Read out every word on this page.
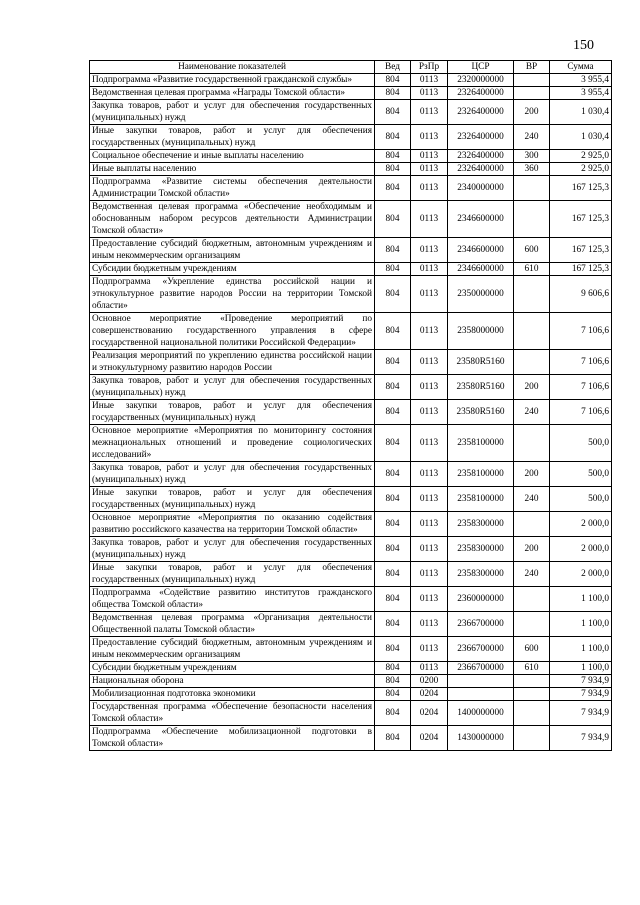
150
Наименование показателей	Вед	РзПр	ЦСР	ВР	Сумма
Подпрограмма «Развитие государственной гражданской службы»	804	0113	2320000000		3 955,4
Ведомственная целевая программа «Награды Томской области»	804	0113	2326400000		3 955,4
Закупка товаров, работ и услуг для обеспечения государственных (муниципальных) нужд	804	0113	2326400000	200	1 030,4
Иные закупки товаров, работ и услуг для обеспечения государственных (муниципальных) нужд	804	0113	2326400000	240	1 030,4
Социальное обеспечение и иные выплаты населению	804	0113	2326400000	300	2 925,0
Иные выплаты населению	804	0113	2326400000	360	2 925,0
Подпрограмма «Развитие системы обеспечения деятельности Администрации Томской области»	804	0113	2340000000		167 125,3
Ведомственная целевая программа «Обеспечение необходимым и обоснованным набором ресурсов деятельности Администрации Томской области»	804	0113	2346600000		167 125,3
Предоставление субсидий бюджетным, автономным учреждениям и иным некоммерческим организациям	804	0113	2346600000	600	167 125,3
Субсидии бюджетным учреждениям	804	0113	2346600000	610	167 125,3
Подпрограмма «Укрепление единства российской нации и этнокультурное развитие народов России на территории Томской области»	804	0113	2350000000		9 606,6
Основное мероприятие «Проведение мероприятий по совершенствованию государственного управления в сфере государственной национальной политики Российской Федерации»	804	0113	2358000000		7 106,6
Реализация мероприятий по укреплению единства российской нации и этнокультурному развитию народов России	804	0113	23580R5160		7 106,6
Закупка товаров, работ и услуг для обеспечения государственных (муниципальных) нужд	804	0113	23580R5160	200	7 106,6
Иные закупки товаров, работ и услуг для обеспечения государственных (муниципальных) нужд	804	0113	23580R5160	240	7 106,6
Основное мероприятие «Мероприятия по мониторингу состояния межнациональных отношений и проведение социологических исследований»	804	0113	2358100000		500,0
Закупка товаров, работ и услуг для обеспечения государственных (муниципальных) нужд	804	0113	2358100000	200	500,0
Иные закупки товаров, работ и услуг для обеспечения государственных (муниципальных) нужд	804	0113	2358100000	240	500,0
Основное мероприятие «Мероприятия по оказанию содействия развитию российского казачества на территории Томской области»	804	0113	2358300000		2 000,0
Закупка товаров, работ и услуг для обеспечения государственных (муниципальных) нужд	804	0113	2358300000	200	2 000,0
Иные закупки товаров, работ и услуг для обеспечения государственных (муниципальных) нужд	804	0113	2358300000	240	2 000,0
Подпрограмма «Содействие развитию институтов гражданского общества Томской области»	804	0113	2360000000		1 100,0
Ведомственная целевая программа «Организация деятельности Общественной палаты Томской области»	804	0113	2366700000		1 100,0
Предоставление субсидий бюджетным, автономным учреждениям и иным некоммерческим организациям	804	0113	2366700000	600	1 100,0
Субсидии бюджетным учреждениям	804	0113	2366700000	610	1 100,0
Национальная оборона	804	0200			7 934,9
Мобилизационная подготовка экономики	804	0204			7 934,9
Государственная программа «Обеспечение безопасности населения Томской области»	804	0204	1400000000		7 934,9
Подпрограмма «Обеспечение мобилизационной подготовки в Томской области»	804	0204	1430000000		7 934,9
